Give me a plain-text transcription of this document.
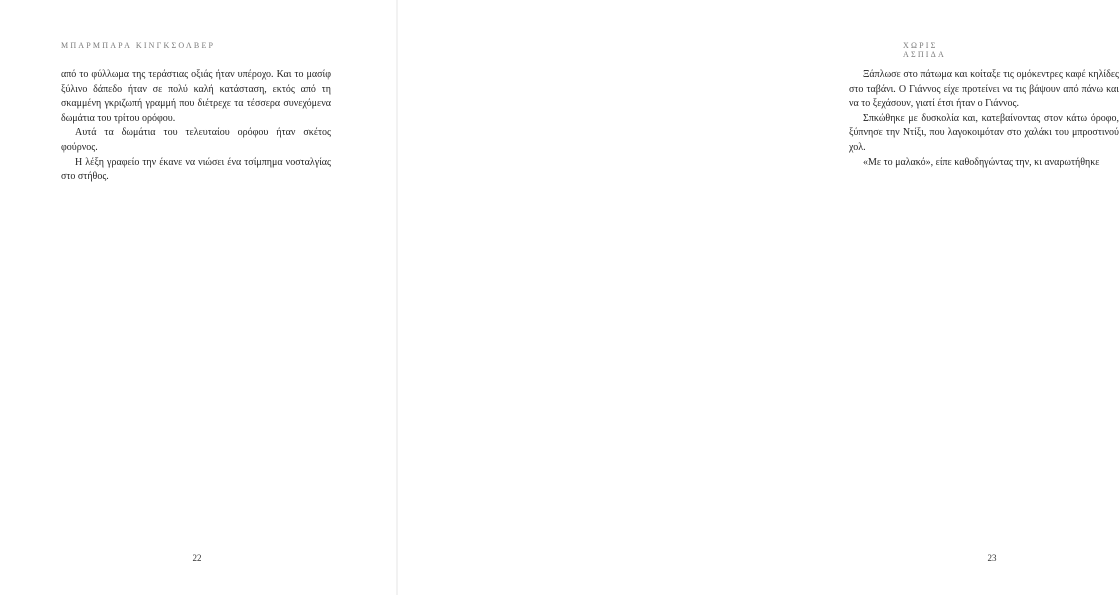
ΜΠΑΡΜΠΑΡΑ ΚΙΝΓΚΣΟΛΒΕΡ

από το φύλλωμα της τεράστιας οξιάς ήταν υπέροχο. Και το μασίφ ξύλινο δάπεδο ήταν σε πολύ καλή κατάσταση, εκτός από τη σκαμμένη γκριζωπή γραμμή που διέτρεχε τα τέσσερα συνεχόμενα δωμάτια του τρίτου ορόφου.

Αυτά τα δωμάτια του τελευταίου ορόφου ήταν σκέτος φούρνος.

Η λέξη γραφείο την έκανε να νιώσει ένα τσίμπημα νοσταλγίας στο στήθος.

22
ΧΩΡΙΣ ΑΣΠΙΔΑ

Ξάπλωσε στο πάτωμα και κοίταξε τις ομόκεντρες καφέ κηλίδες στο ταβάνι. Ο Γιάννος είχε προτείνει να τις βάψουν από πάνω και να το ξεχάσουν, γιατί έτσι ήταν ο Γιάννος.

Σπκώθηκε με δυσκολία και, κατεβαίνοντας στον κάτω όροφο, ξύπνησε την Ντίξι, που λαγοκοιμόταν στο χαλάκι του μπροστινού χολ.

«Με το μαλακό», είπε καθοδηγώντας την, κι αναρωτήθηκε

23
